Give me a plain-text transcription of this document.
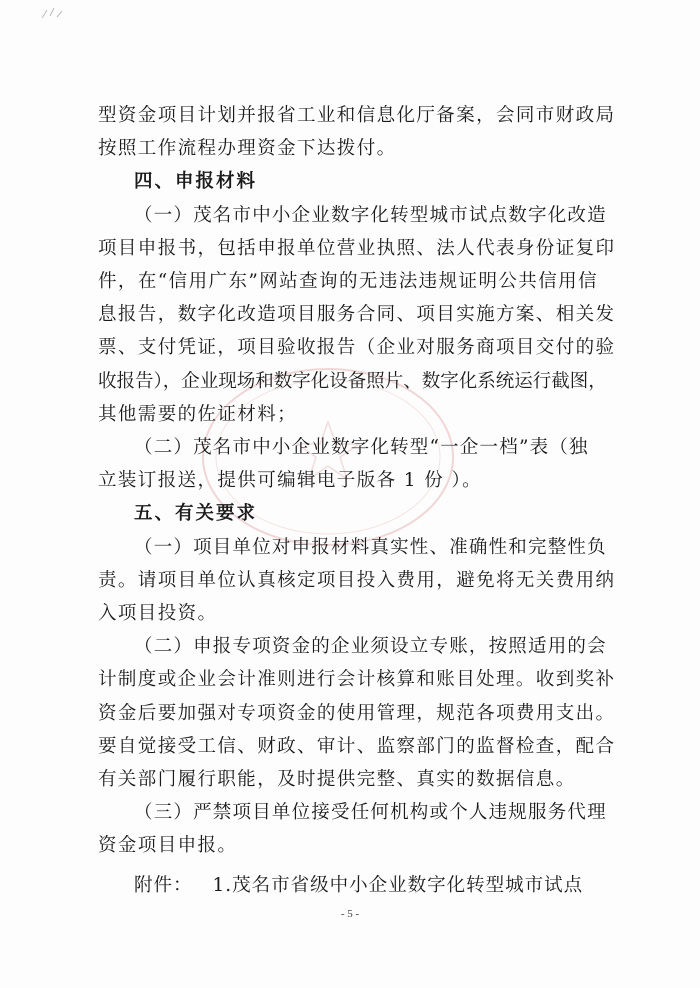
型资金项目计划并报省工业和信息化厅备案，会同市财政局
按照工作流程办理资金下达拨付。
四、申报材料
（一）茂名市中小企业数字化转型城市试点数字化改造
项目申报书，包括申报单位营业执照、法人代表身份证复印
件，在“信用广东”网站查询的无违法违规证明公共信用信
息报告，数字化改造项目服务合同、项目实施方案、相关发
票、支付凭证，项目验收报告（企业对服务商项目交付的验
收报告），企业现场和数字化设备照片、数字化系统运行截图，
其他需要的佐证材料；
（二）茂名市中小企业数字化转型“一企一档”表（独
立装订报送，提供可编辑电子版各 1 份 ）。
五、有关要求
（一）项目单位对申报材料真实性、准确性和完整性负
责。请项目单位认真核定项目投入费用，避免将无关费用纳
入项目投资。
（二）申报专项资金的企业须设立专账，按照适用的会
计制度或企业会计准则进行会计核算和账目处理。收到奖补
资金后要加强对专项资金的使用管理，规范各项费用支出。
要自觉接受工信、财政、审计、监察部门的监督检查，配合
有关部门履行职能，及时提供完整、真实的数据信息。
（三）严禁项目单位接受任何机构或个人违规服务代理
附件： 1.茂名市省级中小企业数字化转型城市试点
- 5 -
资金项目申报。
